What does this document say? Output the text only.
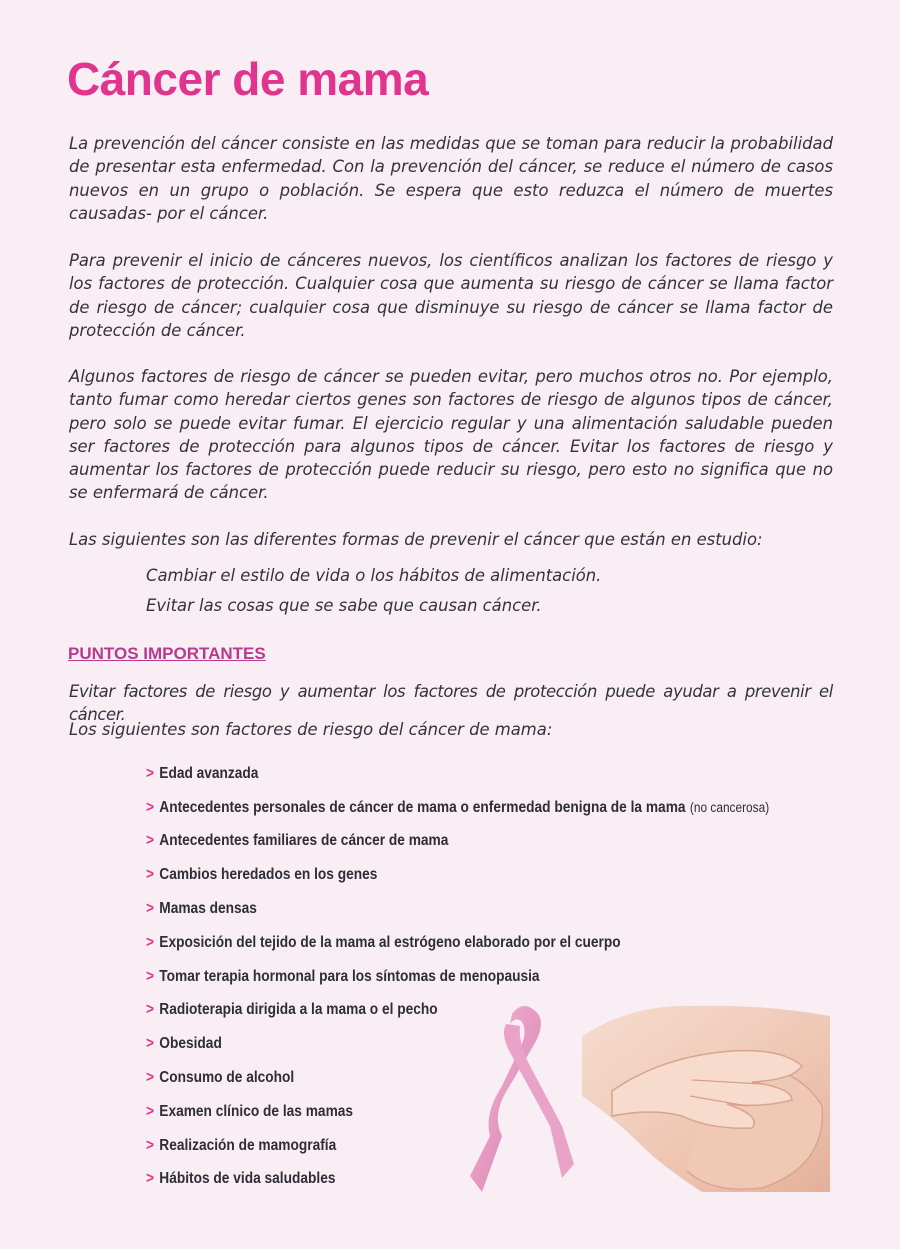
Cáncer de mama

La prevención del cáncer consiste en las medidas que se toman para reducir la probabilidad de presentar esta enfermedad. Con la prevención del cáncer, se reduce el número de casos nuevos en un grupo o población. Se espera que esto reduzca el número de muertes causadas- por el cáncer.

Para prevenir el inicio de cánceres nuevos, los científicos analizan los factores de riesgo y los factores de protección. Cualquier cosa que aumenta su riesgo de cáncer se llama factor de riesgo de cáncer; cualquier cosa que disminuye su riesgo de cáncer se llama factor de protección de cáncer.

Algunos factores de riesgo de cáncer se pueden evitar, pero muchos otros no. Por ejemplo, tanto fumar como heredar ciertos genes son factores de riesgo de algunos tipos de cáncer, pero solo se puede evitar fumar. El ejercicio regular y una alimentación saludable pueden ser factores de protección para algunos tipos de cáncer. Evitar los factores de riesgo y aumentar los factores de protección puede reducir su riesgo, pero esto no significa que no se enfermará de cáncer.

Las siguientes son las diferentes formas de prevenir el cáncer que están en estudio:

Cambiar el estilo de vida o los hábitos de alimentación.

Evitar las cosas que se sabe que causan cáncer.

PUNTOS IMPORTANTES

Evitar factores de riesgo y aumentar los factores de protección puede ayudar a prevenir el cáncer.

Los siguientes son factores de riesgo del cáncer de mama:

> Edad avanzada
> Antecedentes personales de cáncer de mama o enfermedad benigna de la mama (no cancerosa)
> Antecedentes familiares de cáncer de mama
> Cambios heredados en los genes
> Mamas densas
> Exposición del tejido de la mama al estrógeno elaborado por el cuerpo
> Tomar terapia hormonal para los síntomas de menopausia
> Radioterapia dirigida a la mama o el pecho
> Obesidad
> Consumo de alcohol
> Examen clínico de las mamas
> Realización de mamografía
> Hábitos de vida saludables
